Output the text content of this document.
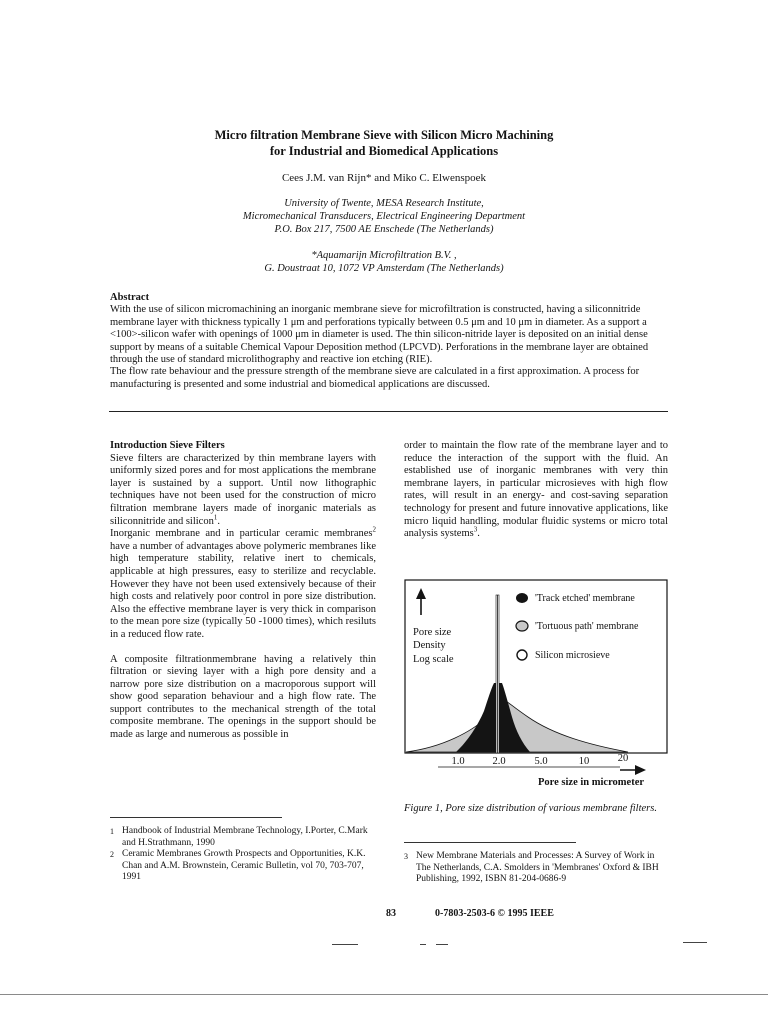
Micro filtration Membrane Sieve with Silicon Micro Machining
for Industrial and Biomedical Applications
Cees J.M. van Rijn* and Miko C. Elwenspoek
University of Twente, MESA Research Institute,
Micromechanical Transducers, Electrical Engineering Department
P.O. Box 217, 7500 AE Enschede (The Netherlands)
*Aquamarijn Microfiltration B.V. ,
G. Doustraat 10, 1072 VP Amsterdam (The Netherlands)
Abstract
With the use of silicon micromachining an inorganic membrane sieve for microfiltration is constructed, having a siliconnitride membrane layer with thickness typically 1 μm and perforations typically between 0.5 μm and 10 μm in diameter. As a support a <100>-silicon wafer with openings of 1000 μm in diameter is used. The thin silicon-nitride layer is deposited on an initial dense support by means of a suitable Chemical Vapour Deposition method (LPCVD). Perforations in the membrane layer are obtained through the use of standard microlithography and reactive ion etching (RIE).
The flow rate behaviour and the pressure strength of the membrane sieve are calculated in a first approximation. A process for manufacturing is presented and some industrial and biomedical applications are discussed.

Introduction Sieve Filters

Sieve filters are characterized by thin membrane layers with uniformly sized pores and for most applications the membrane layer is sustained by a support. Until now lithographic techniques have not been used for the construction of micro filtration membrane layers made of inorganic materials as siliconnitride and silicon$^1$.

Inorganic membrane and in particular ceramic membranes$^2$ have a number of advantages above polymeric membranes like high temperature stability, relative inert to chemicals, applicable at high pressures, easy to sterilize and recyclable. However they have not been used extensively because of their high costs and relatively poor control in pore size distribution. Also the effective membrane layer is very thick in comparison to the mean pore size (typically 50 -1000 times), which resiluts in a reduced flow rate.

A composite filtrationmembrane having a relatively thin filtration or sieving layer with a high pore density and a narrow pore size distribution on a macroporous support will show good separation behaviour and a high flow rate. The support contributes to the mechanical strength of the total composite membrane. The openings in the support should be made as large and numerous as possible in

order to maintain the flow rate of the membrane layer and to reduce the interaction of the support with the fluid. An established use of inorganic membranes with very thin membrane layers, in particular microsieves with high flow rates, will result in an energy- and cost-saving separation technology for present and future innovative applications, like micro liquid handling, modular fluidic systems or micro total analysis systems$^3$.

Pore size
Density
Log scale
'Track etched' membrane
'Tortuous path' membrane
Silicon microsieve
1.0	2.0	5.0	10	20
Pore size in micrometer
Figure 1, Pore size distribution of various membrane filters.
1 Handbook of Industrial Membrane Technology, I.Porter, C.Mark and H.Strathmann, 1990
2 Ceramic Membranes Growth Prospects and Opportunities, K.K. Chan and A.M. Brownstein, Ceramic Bulletin, vol 70, 703-707, 1991
3 New Membrane Materials and Processes: A Survey of Work in The Netherlands, C.A. Smolders in 'Membranes' Oxford & IBH Publishing, 1992, ISBN 81-204-0686-9
83	0-7803-2503-6 © 1995 IEEE
